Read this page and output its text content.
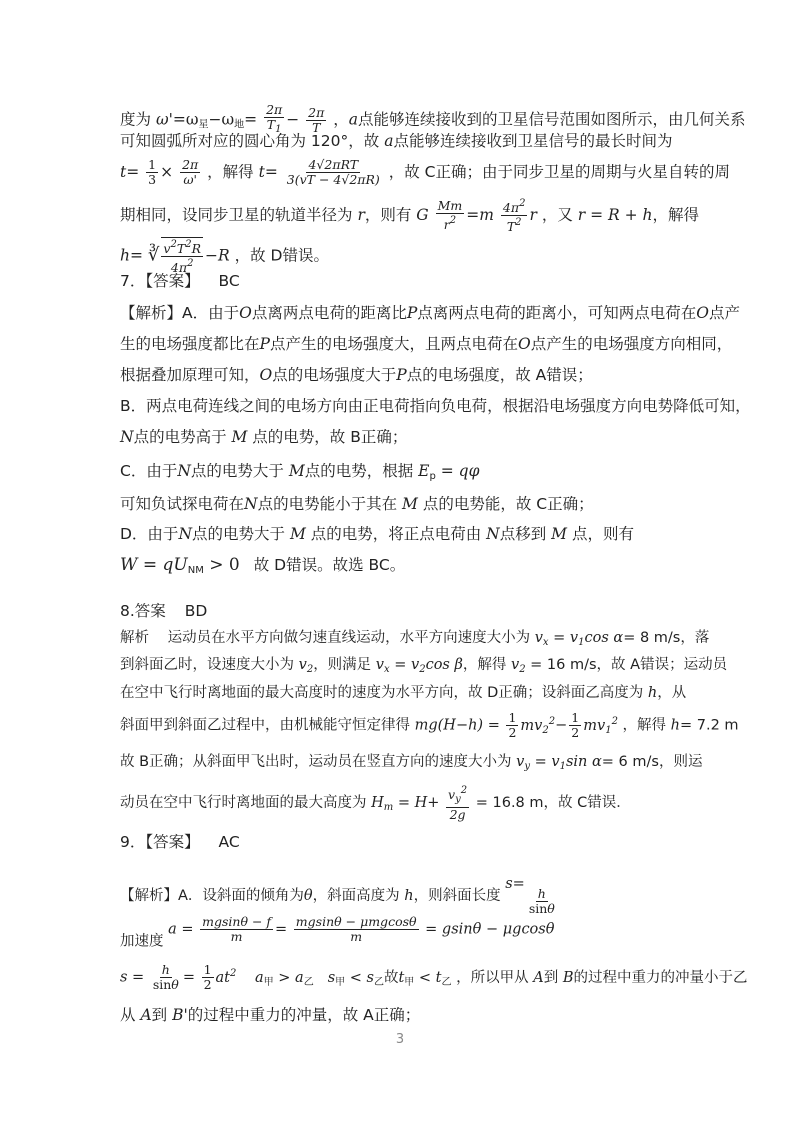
度为 $\omega'=\omega_星-\omega_地= \frac{2\pi}{T_1} - \frac{2\pi}{T}$ ，a点能够连续接收到的卫星信号范围如图所示，由几何关系
可知圆弧所对应的圆心角为 120°，故 a点能够连续接收到卫星信号的最长时间为
$t= \frac{1}{3} \times \frac{2\pi}{\omega'}$ ，解得 $t= \frac{\text{4√2πRT}}{3(vT - 4√2\pi R)}$ ，故 C正确；由于同步卫星的周期与火星自转的周
期相同，设同步卫星的轨道半径为 r，则有 G $\frac{Mm}{r^2} =m \frac{4\pi^2}{T^2}$ r ，又 r = R + h，解得
h= ∛ $\frac{v^2T^2R}{4\pi^2} -R$ ，故 D错误。
7．【答案】 BC
【解析】A．由于O点离两点电荷的距离比P点离两点电荷的距离小，可知两点电荷在O点产
生的电场强度都比在P点产生的电场强度大，且两点电荷在O点产生的电场强度方向相同，
根据叠加原理可知，O点的电场强度大于P点的电场强度，故 A错误；
B．两点电荷连线之间的电场方向由正电荷指向负电荷，根据沿电场强度方向电势降低可知，
N点的电势高于 M 点的电势，故 B正确；
C．由于N点的电势大于 M点的电势，根据 $E_p = q\varphi$
可知负试探电荷在N点的电势能小于其在 M 点的电势能，故 C正确；
D．由于N点的电势大于 M 点的电势，将正点电荷由 N点移到 M 点，则有
$W = qU_{NM} > 0$ 故 D错误。故选 BC。
8.答案 BD
解析 运动员在水平方向做匀速直线运动，水平方向速度大小为 $v_x = v_1\cos$ α= 8 m/s，落
到斜面乙时，设速度大小为 $v_2$，则满足 $v_x = v_2\cos$ β，解得 $v_2 = 16$ m/s，故 A错误；运动员
在空中飞行时离地面的最大高度时的速度为水平方向，故 D正确；设斜面乙高度为 h，从
斜面甲到斜面乙过程中，由机械能守恒定律得 $mg(H-h) = \frac{1}{2} mv_2^2- \frac{1}{2} mv_1^2$ ，解得 h= 7.2 m
故 B正确；从斜面甲飞出时，运动员在竖直方向的速度大小为 $v_y = v_1\sin$ α= 6 m/s，则运
动员在空中飞行时离地面的最大高度为 $H_m = H+ \frac{v_y^2}{2g} = 16.8$ m，故 C错误．
9．【答案】 AC
【解析】A．设斜面的倾角为θ，斜面高度为 h，则斜面长度 s=
$\frac{h}{\sin\theta}$
加速度 $a = \frac{mgsin\theta - f}{m} = \frac{\text{mgsinθ − μmgcosθ}}{m} = gsin\theta - \mu gcos\theta$
$s = \frac{h}{\sin\theta} = \frac{1}{2} at^2$ $a_甲 > a_乙$ $s_甲 < s_乙$故$t_甲 < t_乙$ ，所以甲从 A到 B的过程中重力的冲量小于乙
从 A到 B'的过程中重力的冲量，故 A正确；
3
